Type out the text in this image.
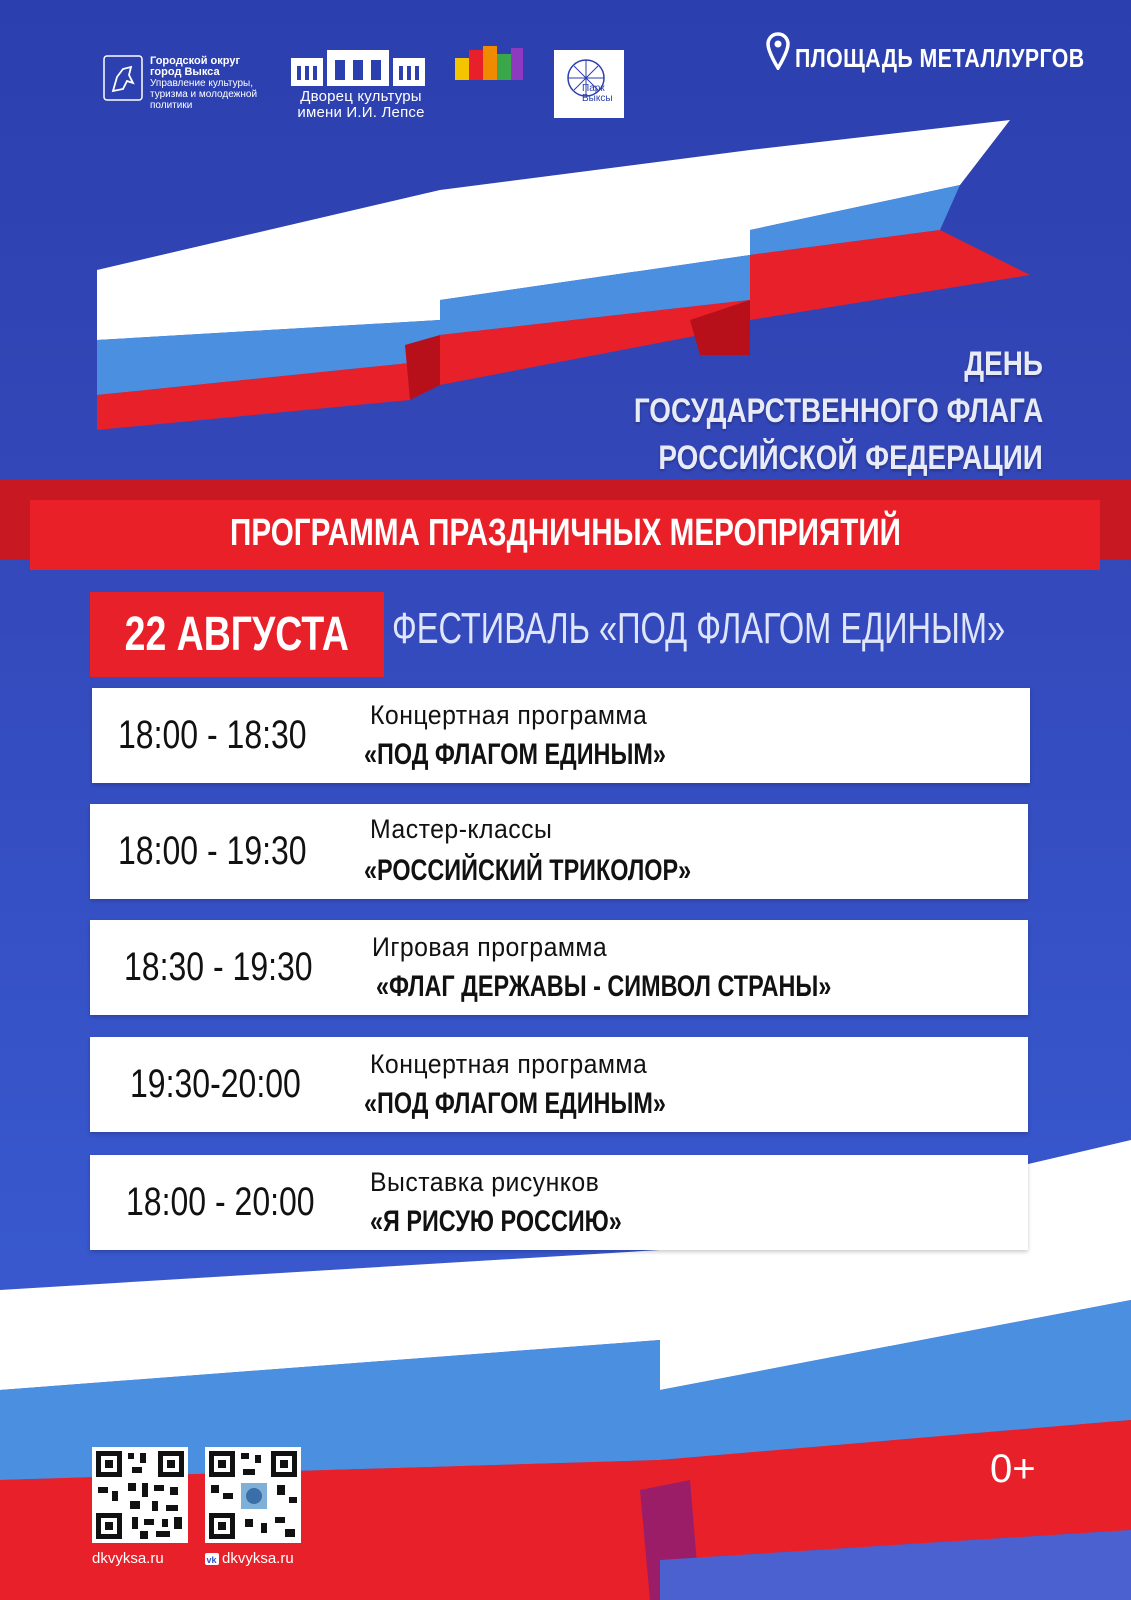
Городской округ
город Выкса
Управление культуры,
туризма и молодежной
политики
Дворец культуры
имени И.И. Лепсе
Парк
Выксы
ПЛОЩАДЬ МЕТАЛЛУРГОВ
ДЕНЬ
ГОСУДАРСТВЕННОГО ФЛАГА
РОССИЙСКОЙ ФЕДЕРАЦИИ
ПРОГРАММА ПРАЗДНИЧНЫХ МЕРОПРИЯТИЙ
22 АВГУСТА ФЕСТИВАЛЬ «ПОД ФЛАГОМ ЕДИНЫМ»
18:00 - 18:30 Концертная программа
«ПОД ФЛАГОМ ЕДИНЫМ»
18:00 - 19:30 Мастер-классы
«РОССИЙСКИЙ ТРИКОЛОР»
18:30 - 19:30 Игровая программа
«ФЛАГ ДЕРЖАВЫ - СИМВОЛ СТРАНЫ»
19:30-20:00	Концертная программа
«ПОД ФЛАГОМ ЕДИНЫМ»
18:00 - 20:00 Выставка рисунков
«Я РИСУЮ РОССИЮ»
dkvyksa.ru	vk dkvyksa.ru
0+
